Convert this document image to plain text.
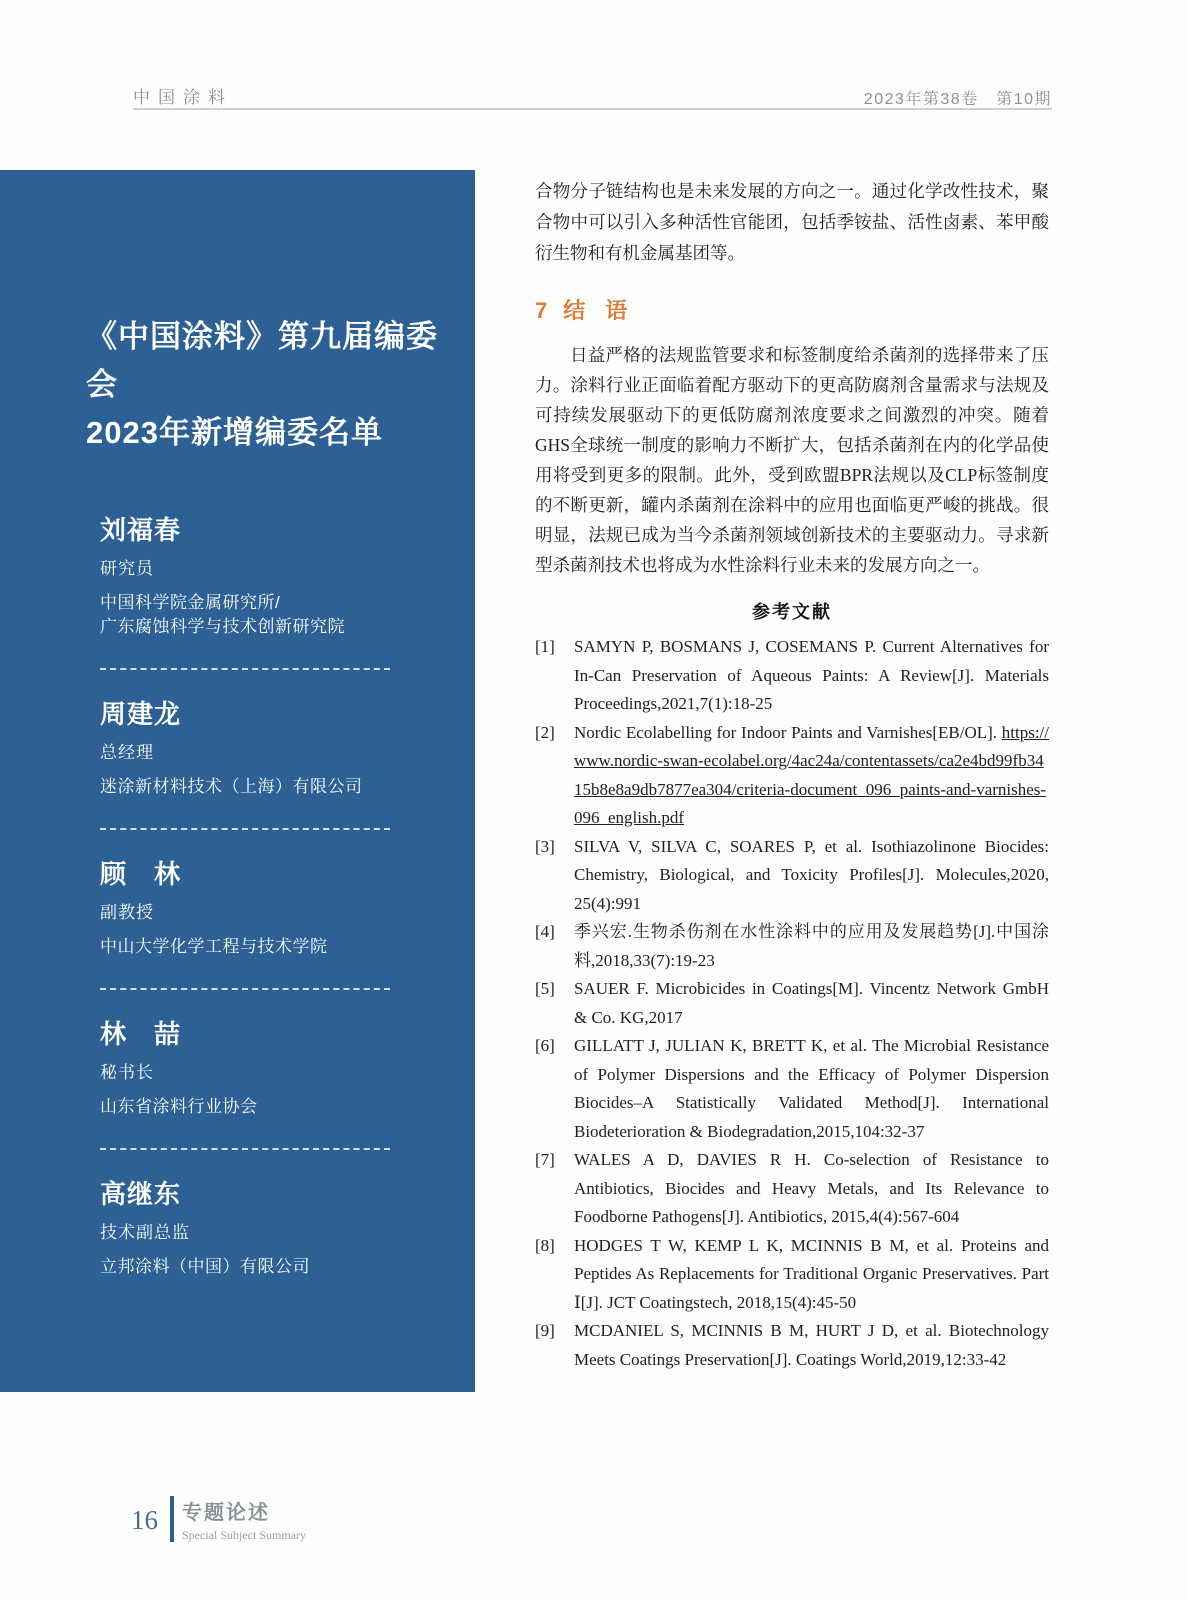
中国涂料	2023年第38卷　第10期
《中国涂料》第九届编委会
2023年新增编委名单
刘福春
研究员
中国科学院金属研究所/
广东腐蚀科学与技术创新研究院
周建龙
总经理
迷涂新材料技术（上海）有限公司
顾　林
副教授
中山大学化学工程与技术学院
林　喆
秘书长
山东省涂料行业协会
高继东
技术副总监
立邦涂料（中国）有限公司

合物分子链结构也是未来发展的方向之一。通过化学改性技术，聚合物中可以引入多种活性官能团，包括季铵盐、活性卤素、苯甲酸衍生物和有机金属基团等。

7 结语

日益严格的法规监管要求和标签制度给杀菌剂的选择带来了压力。涂料行业正面临着配方驱动下的更高防腐剂含量需求与法规及可持续发展驱动下的更低防腐剂浓度要求之间激烈的冲突。随着GHS全球统一制度的影响力不断扩大，包括杀菌剂在内的化学品使用将受到更多的限制。此外，受到欧盟BPR法规以及CLP标签制度的不断更新，罐内杀菌剂在涂料中的应用也面临更严峻的挑战。很明显，法规已成为当今杀菌剂领域创新技术的主要驱动力。寻求新型杀菌剂技术也将成为水性涂料行业未来的发展方向之一。

参考文献
[1]	SAMYN P, BOSMANS J, COSEMANS P. Current Alternatives for In-Can Preservation of Aqueous Paints: A Review[J]. Materials Proceedings,2021,7(1):18-25
[2]	Nordic Ecolabelling for Indoor Paints and Varnishes[EB/OL]. https://www.nordic-swan-ecolabel.org/4ac24a/contentassets/ca2e4bd99fb3415b8e8a9db7877ea304/criteria-document_096_paints-and-varnishes-096_english.pdf
[3]	SILVA V, SILVA C, SOARES P, et al. Isothiazolinone Biocides: Chemistry, Biological, and Toxicity Profiles[J]. Molecules,2020, 25(4):991
[4]	季兴宏.生物杀伤剂在水性涂料中的应用及发展趋势[J].中国涂料,2018,33(7):19-23
[5]	SAUER F. Microbicides in Coatings[M]. Vincentz Network GmbH & Co. KG,2017
[6]	GILLATT J, JULIAN K, BRETT K, et al. The Microbial Resistance of Polymer Dispersions and the Efficacy of Polymer Dispersion Biocides–A Statistically Validated Method[J]. International Biodeterioration & Biodegradation,2015,104:32-37
[7]	WALES A D, DAVIES R H. Co-selection of Resistance to Antibiotics, Biocides and Heavy Metals, and Its Relevance to Foodborne Pathogens[J]. Antibiotics, 2015,4(4):567-604
[8]	HODGES T W, KEMP L K, MCINNIS B M, et al. Proteins and Peptides As Replacements for Traditional Organic Preservatives. Part Ⅰ[J]. JCT Coatingstech, 2018,15(4):45-50
[9]	MCDANIEL S, MCINNIS B M, HURT J D, et al. Biotechnology Meets Coatings Preservation[J]. Coatings World,2019,12:33-42
16 专题论述
Special Subject Summary
